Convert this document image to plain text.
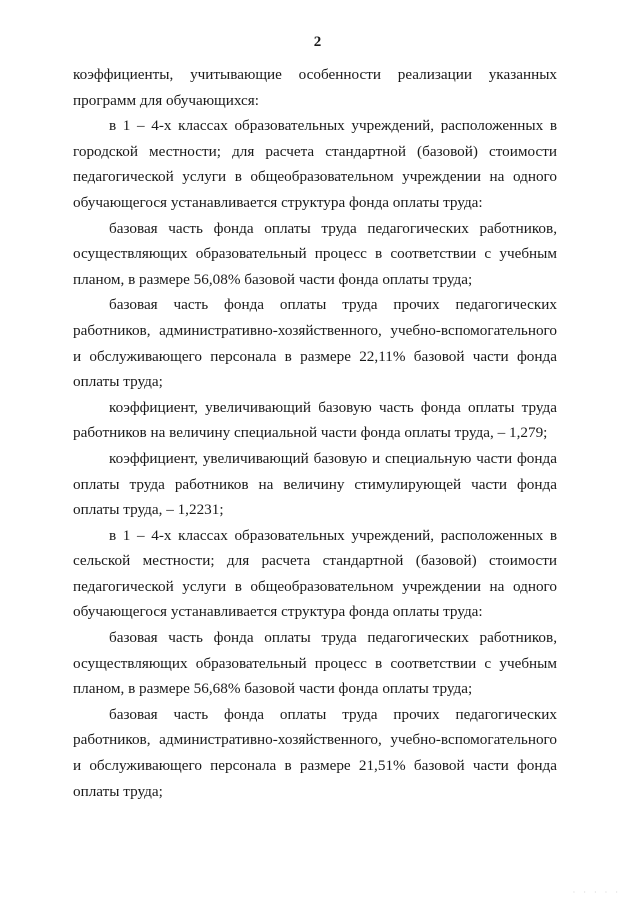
2

коэффициенты, учитывающие особенности реализации указанных программ для обучающихся:

в 1 – 4-х классах образовательных учреждений, расположенных в городской местности; для расчета стандартной (базовой) стоимости педагогической услуги в общеобразовательном учреждении на одного обучающегося устанавливается структура фонда оплаты труда:

базовая часть фонда оплаты труда педагогических работников, осуществляющих образовательный процесс в соответствии с учебным планом, в размере 56,08% базовой части фонда оплаты труда;

базовая часть фонда оплаты труда прочих педагогических работников, административно-хозяйственного, учебно-вспомогательного и обслуживающего персонала в размере 22,11% базовой части фонда оплаты труда;

коэффициент, увеличивающий базовую часть фонда оплаты труда работников на величину специальной части фонда оплаты труда, – 1,279;

коэффициент, увеличивающий базовую и специальную части фонда оплаты труда работников на величину стимулирующей части фонда оплаты труда, – 1,2231;

в 1 – 4-х классах образовательных учреждений, расположенных в сельской местности; для расчета стандартной (базовой) стоимости педагогической услуги в общеобразовательном учреждении на одного обучающегося устанавливается структура фонда оплаты труда:

базовая часть фонда оплаты труда педагогических работников, осуществляющих образовательный процесс в соответствии с учебным планом, в размере 56,68% базовой части фонда оплаты труда;

базовая часть фонда оплаты труда прочих педагогических работников, административно-хозяйственного, учебно-вспомогательного и обслуживающего персонала в размере 21,51% базовой части фонда оплаты труда;

· · · · ·
